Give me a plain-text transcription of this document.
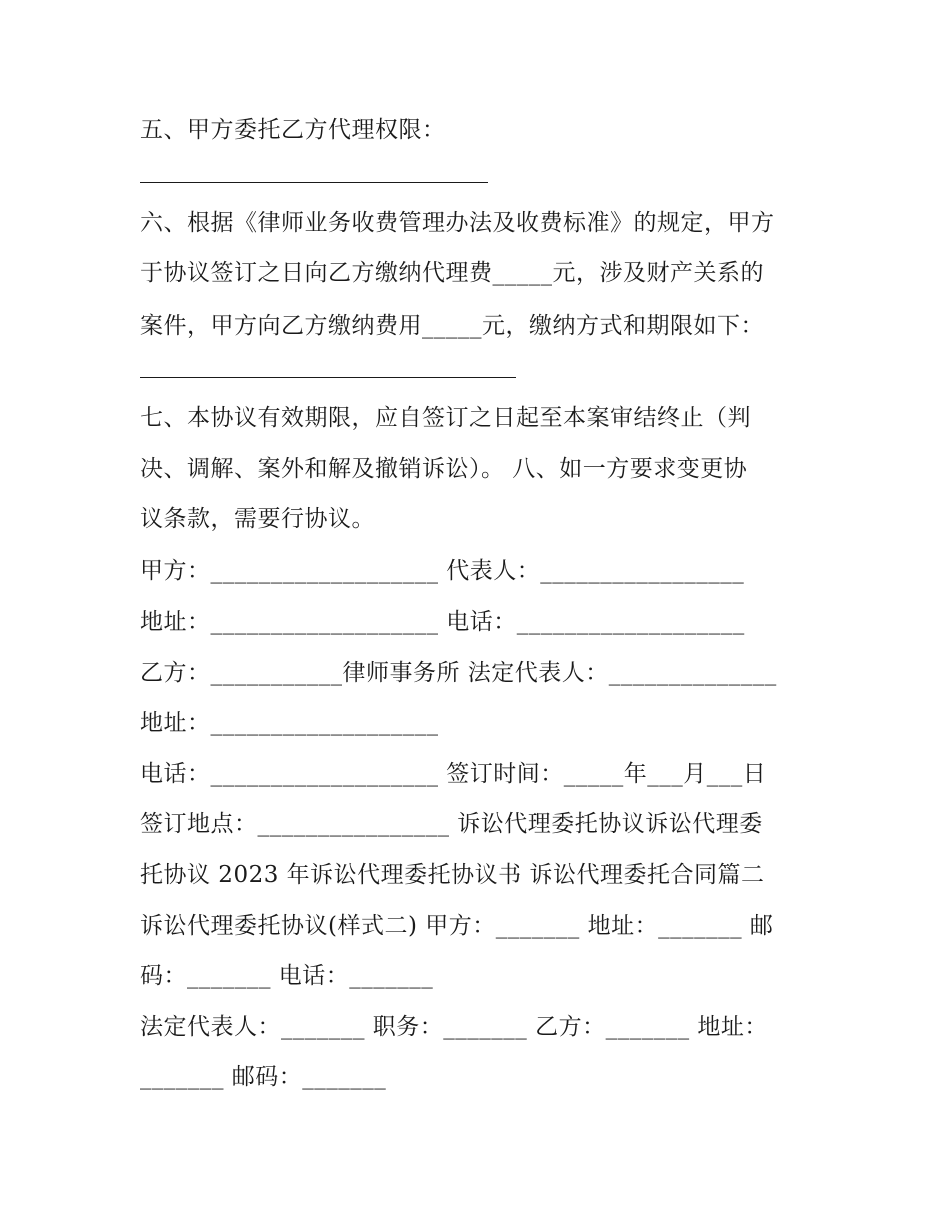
五、甲方委托乙方代理权限：
六、根据《律师业务收费管理办法及收费标准》的规定，甲方
于协议签订之日向乙方缴纳代理费_____元，涉及财产关系的
案件，甲方向乙方缴纳费用_____元，缴纳方式和期限如下：
七、本协议有效期限，应自签订之日起至本案审结终止（判
决、调解、案外和解及撤销诉讼）。 八、如一方要求变更协
议条款，需要行协议。
甲方：___________________ 代表人：_________________
地址：___________________ 电话：___________________
乙方：___________律师事务所 法定代表人：______________
地址：___________________
电话：___________________ 签订时间：_____年___月___日
签订地点：________________ 诉讼代理委托协议诉讼代理委
托协议 2023 年诉讼代理委托协议书 诉讼代理委托合同篇二
诉讼代理委托协议(样式二) 甲方：_______ 地址：_______ 邮
码：_______ 电话：_______
法定代表人：_______ 职务：_______ 乙方：_______ 地址：
_______ 邮码：_______
